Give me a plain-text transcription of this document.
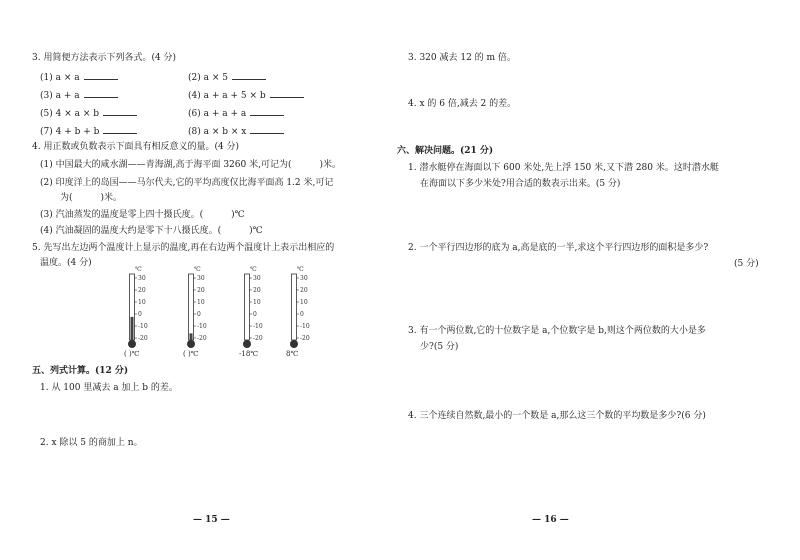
3. 用简便方法表示下列各式。(4 分)
(1) a × a	(2) a × 5
(3) a + a	(4) a + a + 5 × b
(5) 4 × a × b	(6) a + a + a
(7) 4 + b + b	(8) a × b × x
4. 用正数或负数表示下面具有相反意义的量。(4 分)
(1) 中国最大的咸水湖——青海湖,高于海平面 3260 米,可记为(	)米。
(2) 印度洋上的岛国——马尔代夫,它的平均高度仅比海平面高 1.2 米,可记
为(	)米。
(3) 汽油蒸发的温度是零上四十摄氏度。(	)℃
(4) 汽油凝固的温度大约是零下十八摄氏度。(	)℃
5. 先写出左边两个温度计上显示的温度,再在右边两个温度计上表示出相应的
温度。(4 分)
℃
30
20
10
0
-10
-20
( )℃
℃
30
20
10
0
-10
-20
( )℃
℃
30
20
10
0
-10
-20
-18℃
℃
30
20
10
0
-10
-20
8℃
五、列式计算。(12 分)
1. 从 100 里减去 a 加上 b 的差。
2. x 除以 5 的商加上 n。
— 15 —
3. 320 减去 12 的 m 倍。
4. x 的 6 倍,减去 2 的差。
六、解决问题。(21 分)
1. 潜水艇停在海面以下 600 米处,先上浮 150 米,又下潜 280 米。这时潜水艇
在海面以下多少米处?用合适的数表示出来。(5 分)
2. 一个平行四边形的底为 a,高是底的一半,求这个平行四边形的面积是多少?
(5 分)
3. 有一个两位数,它的十位数字是 a,个位数字是 b,则这个两位数的大小是多
少?(5 分)
4. 三个连续自然数,最小的一个数是 a,那么这三个数的平均数是多少?(6 分)
— 16 —
